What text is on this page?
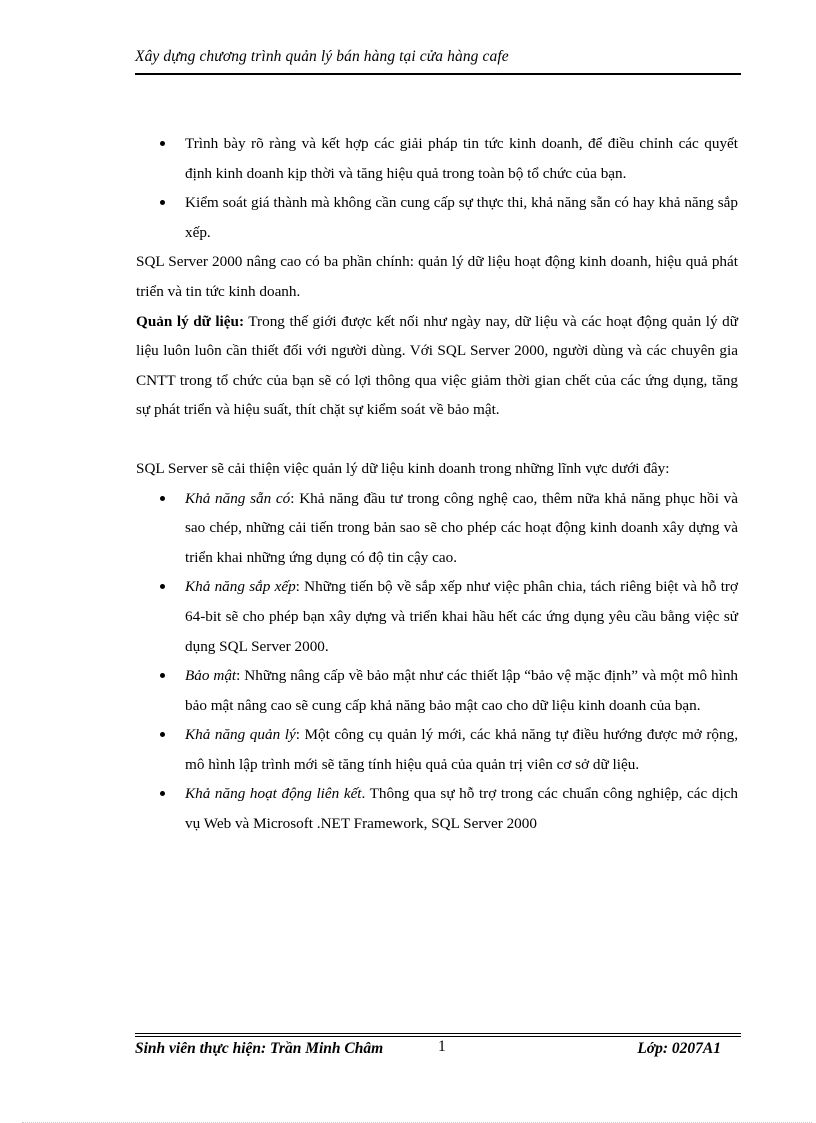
Xây dựng chương trình quản lý bán hàng tại cửa hàng cafe
Trình bày rõ ràng và kết hợp các giải pháp tin tức kinh doanh, để điều chỉnh các quyết định kinh doanh kịp thời và tăng hiệu quả trong toàn bộ tổ chức của bạn.
Kiểm soát giá thành mà không cần cung cấp sự thực thi, khả năng sẵn có hay khả năng sắp xếp.

SQL Server 2000 nâng cao có ba phần chính: quản lý dữ liệu hoạt động kinh doanh, hiệu quả phát triển và tin tức kinh doanh.

Quản lý dữ liệu: Trong thế giới được kết nối như ngày nay, dữ liệu và các hoạt động quản lý dữ liệu luôn luôn cần thiết đối với người dùng. Với SQL Server 2000, người dùng và các chuyên gia CNTT trong tổ chức của bạn sẽ có lợi thông qua việc giảm thời gian chết của các ứng dụng, tăng sự phát triển và hiệu suất, thít chặt sự kiểm soát về bảo mật.

SQL Server sẽ cải thiện việc quản lý dữ liệu kinh doanh trong những lĩnh vực dưới đây:

Khả năng sẵn có: Khả năng đầu tư trong công nghệ cao, thêm nữa khả năng phục hồi và sao chép, những cải tiến trong bản sao sẽ cho phép các hoạt động kinh doanh xây dựng và triển khai những ứng dụng có độ tin cậy cao.
Khả năng sắp xếp: Những tiến bộ về sắp xếp như việc phân chia, tách riêng biệt và hỗ trợ 64-bit sẽ cho phép bạn xây dựng và triển khai hầu hết các ứng dụng yêu cầu bằng việc sử dụng SQL Server 2000.
Bảo mật: Những nâng cấp về bảo mật như các thiết lập “bảo vệ mặc định” và một mô hình bảo mật nâng cao sẽ cung cấp khả năng bảo mật cao cho dữ liệu kinh doanh của bạn.
Khả năng quản lý: Một công cụ quản lý mới, các khả năng tự điều hướng được mở rộng, mô hình lập trình mới sẽ tăng tính hiệu quả của quản trị viên cơ sở dữ liệu.
Khả năng hoạt động liên kết. Thông qua sự hỗ trợ trong các chuẩn công nghiệp, các dịch vụ Web và Microsoft .NET Framework, SQL Server 2000
Sinh viên thực hiện: Trần Minh Châm	1	Lớp: 0207A1
